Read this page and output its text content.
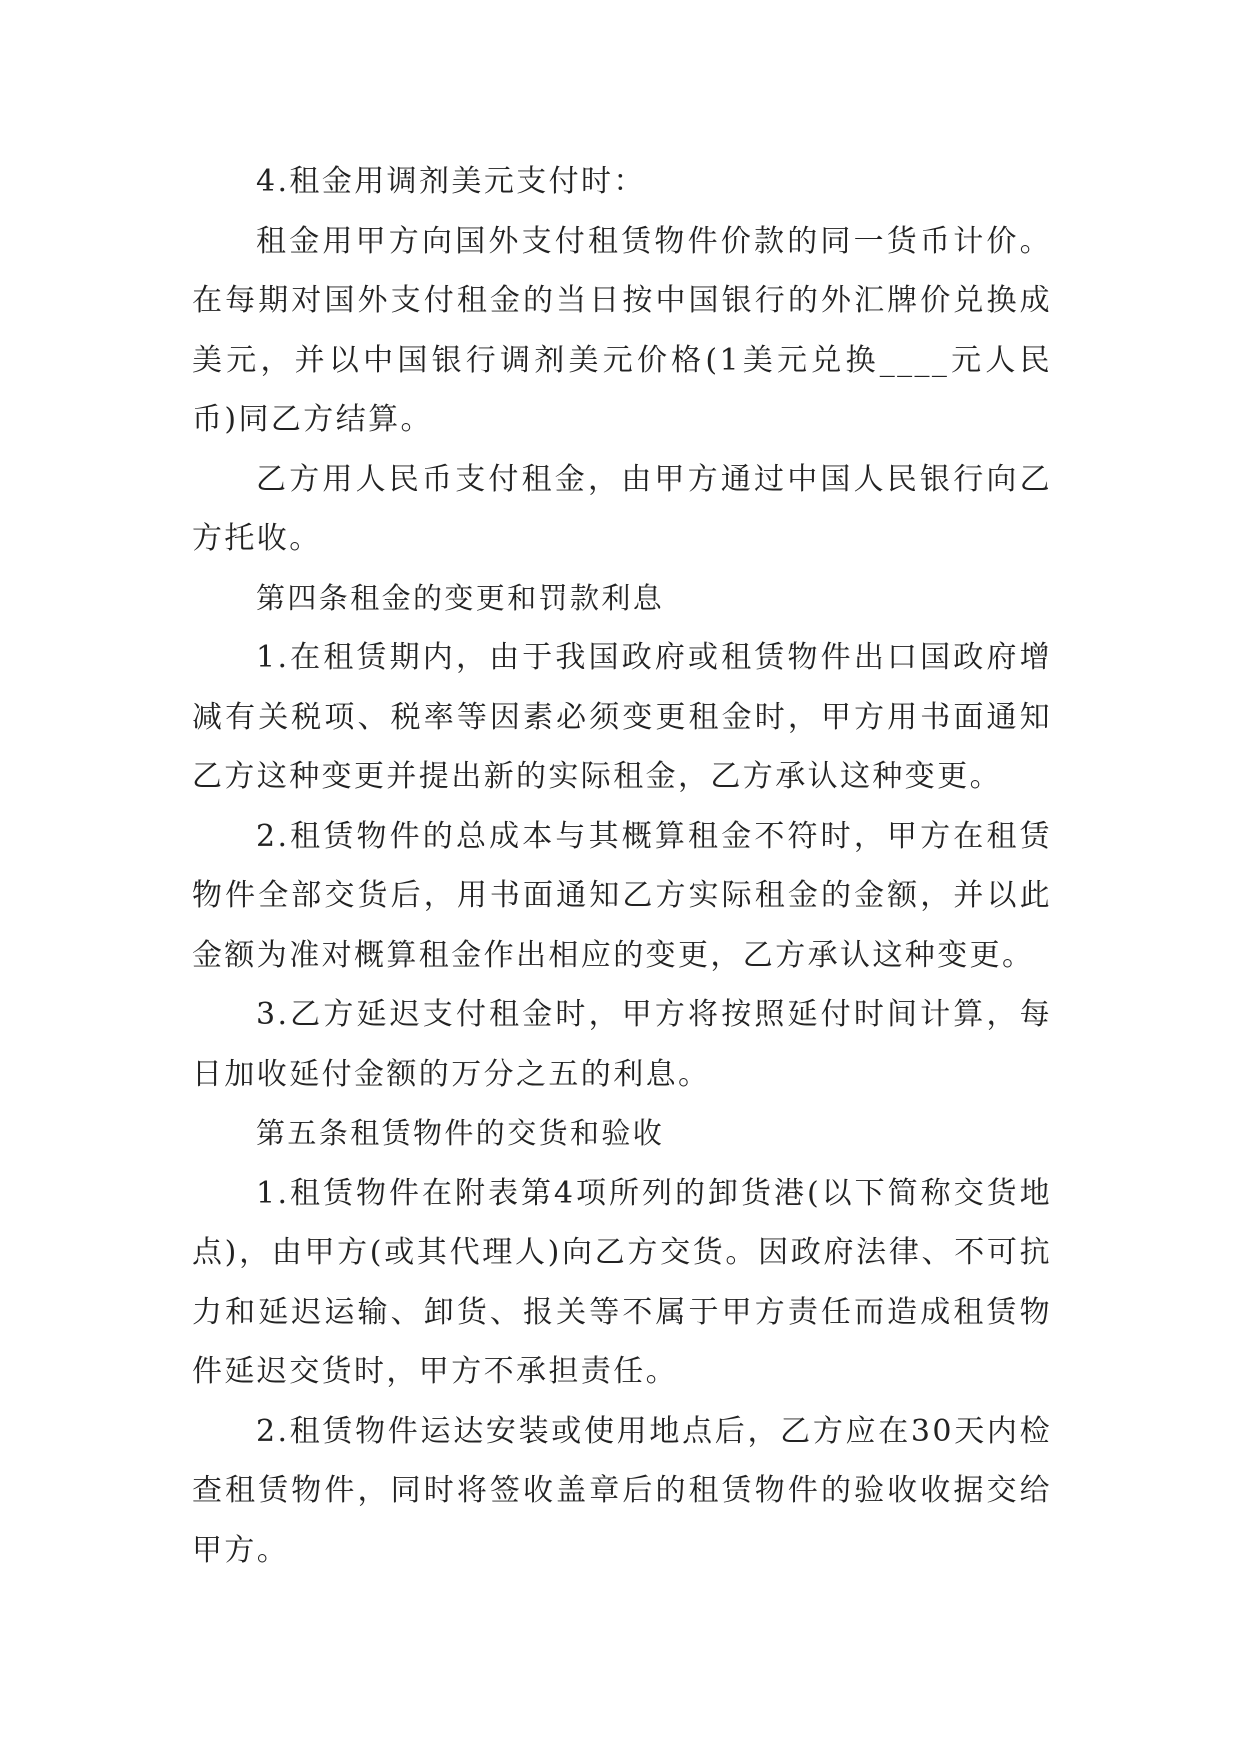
4.租金用调剂美元支付时：

租金用甲方向国外支付租赁物件价款的同一货币计价。在每期对国外支付租金的当日按中国银行的外汇牌价兑换成美元，并以中国银行调剂美元价格(1美元兑换____元人民币)同乙方结算。

乙方用人民币支付租金，由甲方通过中国人民银行向乙方托收。

第四条租金的变更和罚款利息

1.在租赁期内，由于我国政府或租赁物件出口国政府增减有关税项、税率等因素必须变更租金时，甲方用书面通知乙方这种变更并提出新的实际租金，乙方承认这种变更。

2.租赁物件的总成本与其概算租金不符时，甲方在租赁物件全部交货后，用书面通知乙方实际租金的金额，并以此金额为准对概算租金作出相应的变更，乙方承认这种变更。

3.乙方延迟支付租金时，甲方将按照延付时间计算，每日加收延付金额的万分之五的利息。

第五条租赁物件的交货和验收

1.租赁物件在附表第4项所列的卸货港(以下简称交货地点)，由甲方(或其代理人)向乙方交货。因政府法律、不可抗力和延迟运输、卸货、报关等不属于甲方责任而造成租赁物件延迟交货时，甲方不承担责任。

2.租赁物件运达安装或使用地点后，乙方应在30天内检查租赁物件，同时将签收盖章后的租赁物件的验收收据交给甲方。
